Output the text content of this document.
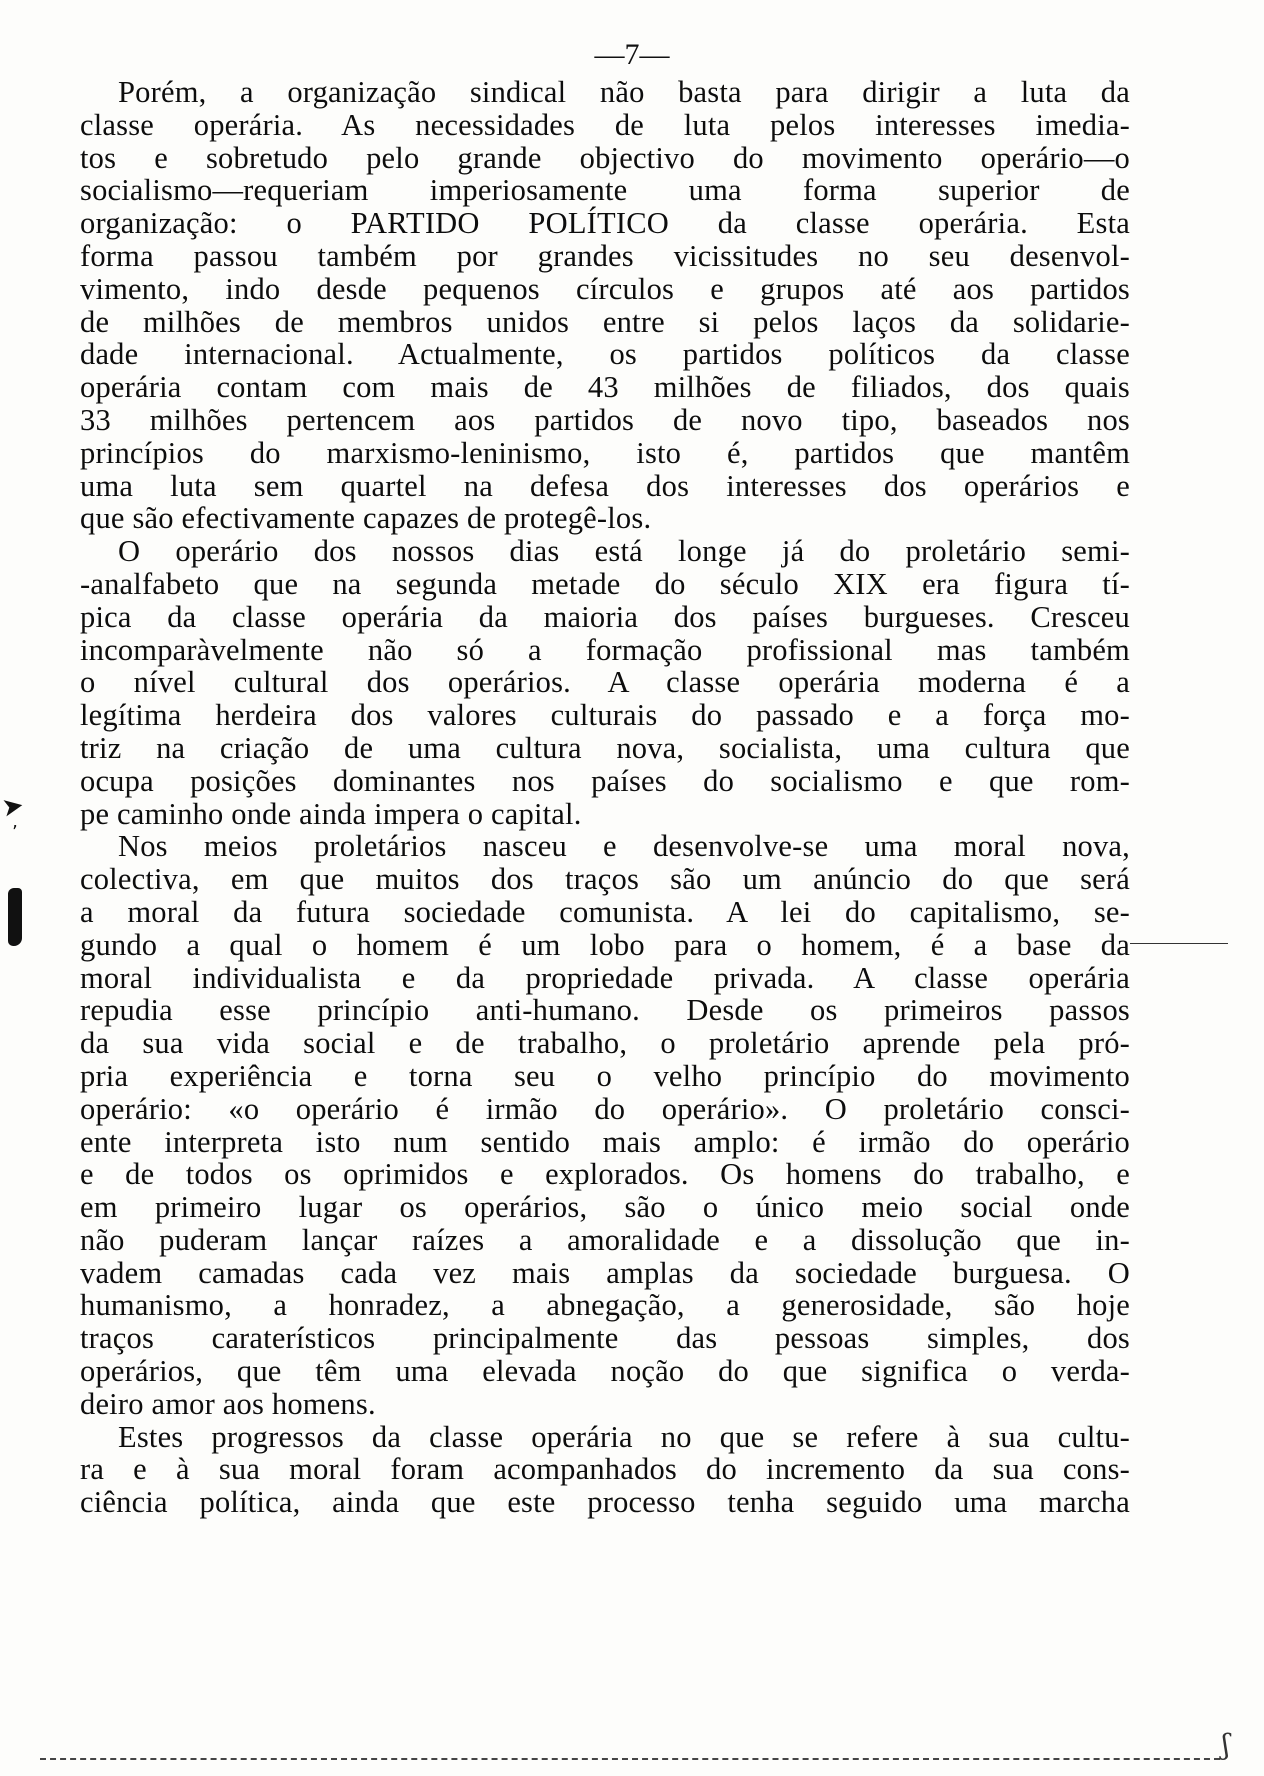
—7—

Porém, a organização sindical não basta para dirigir a luta da
classe operária. As necessidades de luta pelos interesses imedia-
tos e sobretudo pelo grande objectivo do movimento operário—o
socialismo—requeriam imperiosamente uma forma superior de
organização: o PARTIDO POLÍTICO da classe operária. Esta
forma passou também por grandes vicissitudes no seu desenvol-
vimento, indo desde pequenos círculos e grupos até aos partidos
de milhões de membros unidos entre si pelos laços da solidarie-
dade internacional. Actualmente, os partidos políticos da classe
operária contam com mais de 43 milhões de filiados, dos quais
33 milhões pertencem aos partidos de novo tipo, baseados nos
princípios do marxismo-leninismo, isto é, partidos que mantêm
uma luta sem quartel na defesa dos interesses dos operários e
que são efectivamente capazes de protegê-los.

O operário dos nossos dias está longe já do proletário semi-
-analfabeto que na segunda metade do século XIX era figura tí-
pica da classe operária da maioria dos países burgueses. Cresceu
incomparàvelmente não só a formação profissional mas também
o nível cultural dos operários. A classe operária moderna é a
legítima herdeira dos valores culturais do passado e a força mo-
triz na criação de uma cultura nova, socialista, uma cultura que
ocupa posições dominantes nos países do socialismo e que rom-
pe caminho onde ainda impera o capital.

Nos meios proletários nasceu e desenvolve-se uma moral nova,
colectiva, em que muitos dos traços são um anúncio do que será
a moral da futura sociedade comunista. A lei do capitalismo, se-
gundo a qual o homem é um lobo para o homem, é a base da
moral individualista e da propriedade privada. A classe operária
repudia esse princípio anti-humano. Desde os primeiros passos
da sua vida social e de trabalho, o proletário aprende pela pró-
pria experiência e torna seu o velho princípio do movimento
operário: «o operário é irmão do operário». O proletário consci-
ente interpreta isto num sentido mais amplo: é irmão do operário
e de todos os oprimidos e explorados. Os homens do trabalho, e
em primeiro lugar os operários, são o único meio social onde
não puderam lançar raízes a amoralidade e a dissolução que in-
vadem camadas cada vez mais amplas da sociedade burguesa. O
humanismo, a honradez, a abnegação, a generosidade, são hoje
traços caraterísticos principalmente das pessoas simples, dos
operários, que têm uma elevada noção do que significa o verda-
deiro amor aos homens.

Estes progressos da classe operária no que se refere à sua cultu-
ra e à sua moral foram acompanhados do incremento da sua cons-
ciência política, ainda que este processo tenha seguido uma marcha

➤
’
ʃ
